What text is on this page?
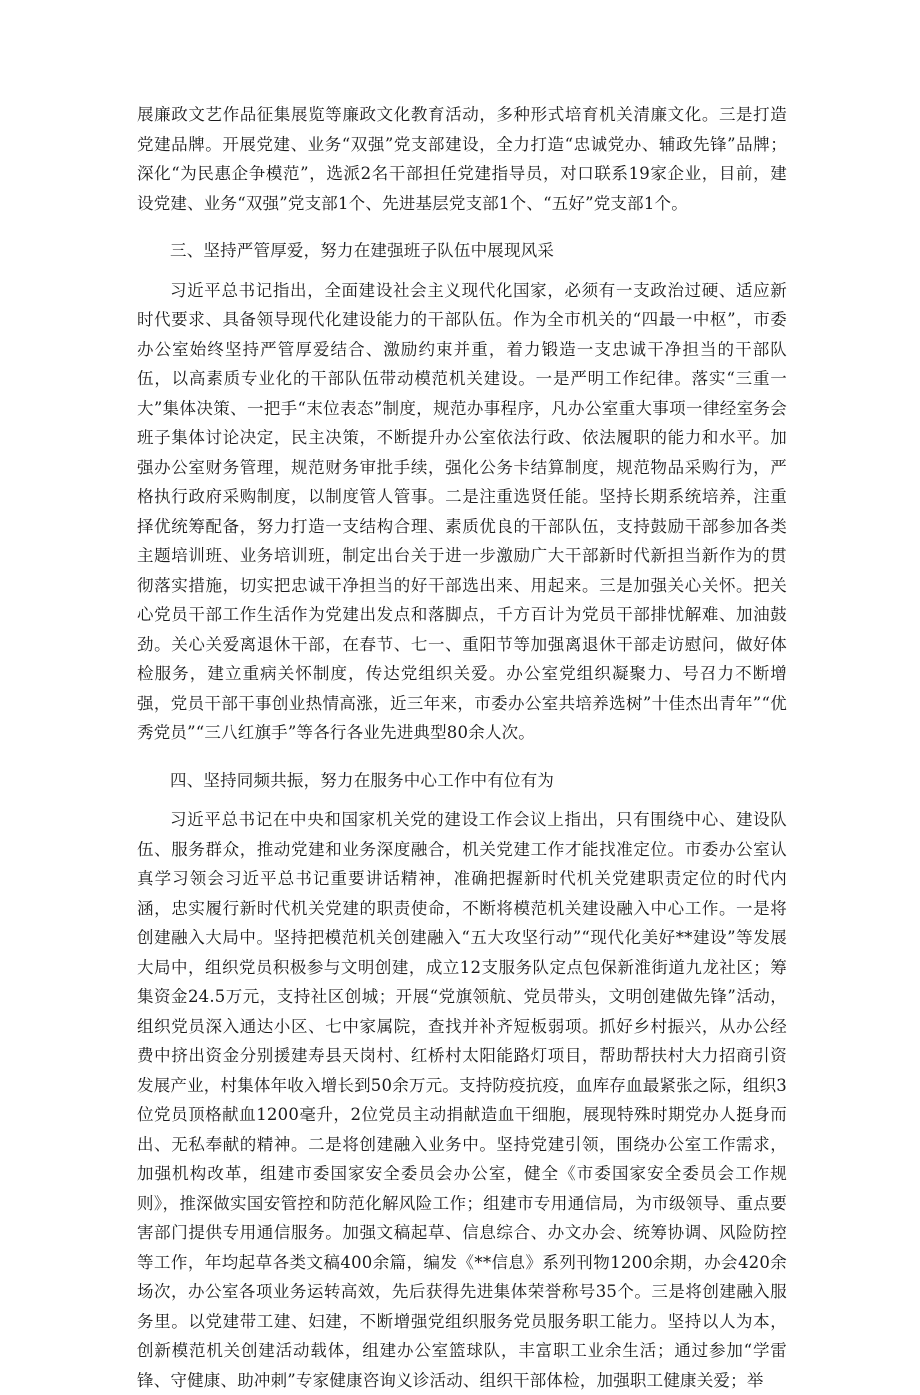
展廉政文艺作品征集展览等廉政文化教育活动，多种形式培育机关清廉文化。三是打造党建品牌。开展党建、业务“双强”党支部建设，全力打造“忠诚党办、辅政先锋”品牌；深化“为民惠企争模范”，选派2名干部担任党建指导员，对口联系19家企业，目前，建设党建、业务“双强”党支部1个、先进基层党支部1个、“五好”党支部1个。

三、坚持严管厚爱，努力在建强班子队伍中展现风采

习近平总书记指出，全面建设社会主义现代化国家，必须有一支政治过硬、适应新时代要求、具备领导现代化建设能力的干部队伍。作为全市机关的“四最一中枢”，市委办公室始终坚持严管厚爱结合、激励约束并重，着力锻造一支忠诚干净担当的干部队伍，以高素质专业化的干部队伍带动模范机关建设。一是严明工作纪律。落实“三重一大”集体决策、一把手“末位表态”制度，规范办事程序，凡办公室重大事项一律经室务会班子集体讨论决定，民主决策，不断提升办公室依法行政、依法履职的能力和水平。加强办公室财务管理，规范财务审批手续，强化公务卡结算制度，规范物品采购行为，严格执行政府采购制度，以制度管人管事。二是注重选贤任能。坚持长期系统培养，注重择优统筹配备，努力打造一支结构合理、素质优良的干部队伍，支持鼓励干部参加各类主题培训班、业务培训班，制定出台关于进一步激励广大干部新时代新担当新作为的贯彻落实措施，切实把忠诚干净担当的好干部选出来、用起来。三是加强关心关怀。把关心党员干部工作生活作为党建出发点和落脚点，千方百计为党员干部排忧解难、加油鼓劲。关心关爱离退休干部，在春节、七一、重阳节等加强离退休干部走访慰问，做好体检服务，建立重病关怀制度，传达党组织关爱。办公室党组织凝聚力、号召力不断增强，党员干部干事创业热情高涨，近三年来，市委办公室共培养选树”十佳杰出青年”“优秀党员”“三八红旗手”等各行各业先进典型80余人次。

四、坚持同频共振，努力在服务中心工作中有位有为

习近平总书记在中央和国家机关党的建设工作会议上指出，只有围绕中心、建设队伍、服务群众，推动党建和业务深度融合，机关党建工作才能找准定位。市委办公室认真学习领会习近平总书记重要讲话精神，准确把握新时代机关党建职责定位的时代内涵，忠实履行新时代机关党建的职责使命，不断将模范机关建设融入中心工作。一是将创建融入大局中。坚持把模范机关创建融入“五大攻坚行动”“现代化美好**建设”等发展大局中，组织党员积极参与文明创建，成立12支服务队定点包保新淮街道九龙社区；筹集资金24.5万元，支持社区创城；开展“党旗领航、党员带头，文明创建做先锋”活动，组织党员深入通达小区、七中家属院，查找并补齐短板弱项。抓好乡村振兴，从办公经费中挤出资金分别援建寿县天岗村、红桥村太阳能路灯项目，帮助帮扶村大力招商引资发展产业，村集体年收入增长到50余万元。支持防疫抗疫，血库存血最紧张之际，组织3位党员顶格献血1200毫升，2位党员主动捐献造血干细胞，展现特殊时期党办人挺身而出、无私奉献的精神。二是将创建融入业务中。坚持党建引领，围绕办公室工作需求，加强机构改革，组建市委国家安全委员会办公室，健全《市委国家安全委员会工作规则》，推深做实国安管控和防范化解风险工作；组建市专用通信局，为市级领导、重点要害部门提供专用通信服务。加强文稿起草、信息综合、办文办会、统筹协调、风险防控等工作，年均起草各类文稿400余篇，编发《**信息》系列刊物1200余期，办会420余场次，办公室各项业务运转高效，先后获得先进集体荣誉称号35个。三是将创建融入服务里。以党建带工建、妇建，不断增强党组织服务党员服务职工能力。坚持以人为本，创新模范机关创建活动载体，组建办公室篮球队，丰富职工业余生活；通过参加“学雷锋、守健康、助冲刺”专家健康咨询义诊活动、组织干部体检，加强职工健康关爱；举
